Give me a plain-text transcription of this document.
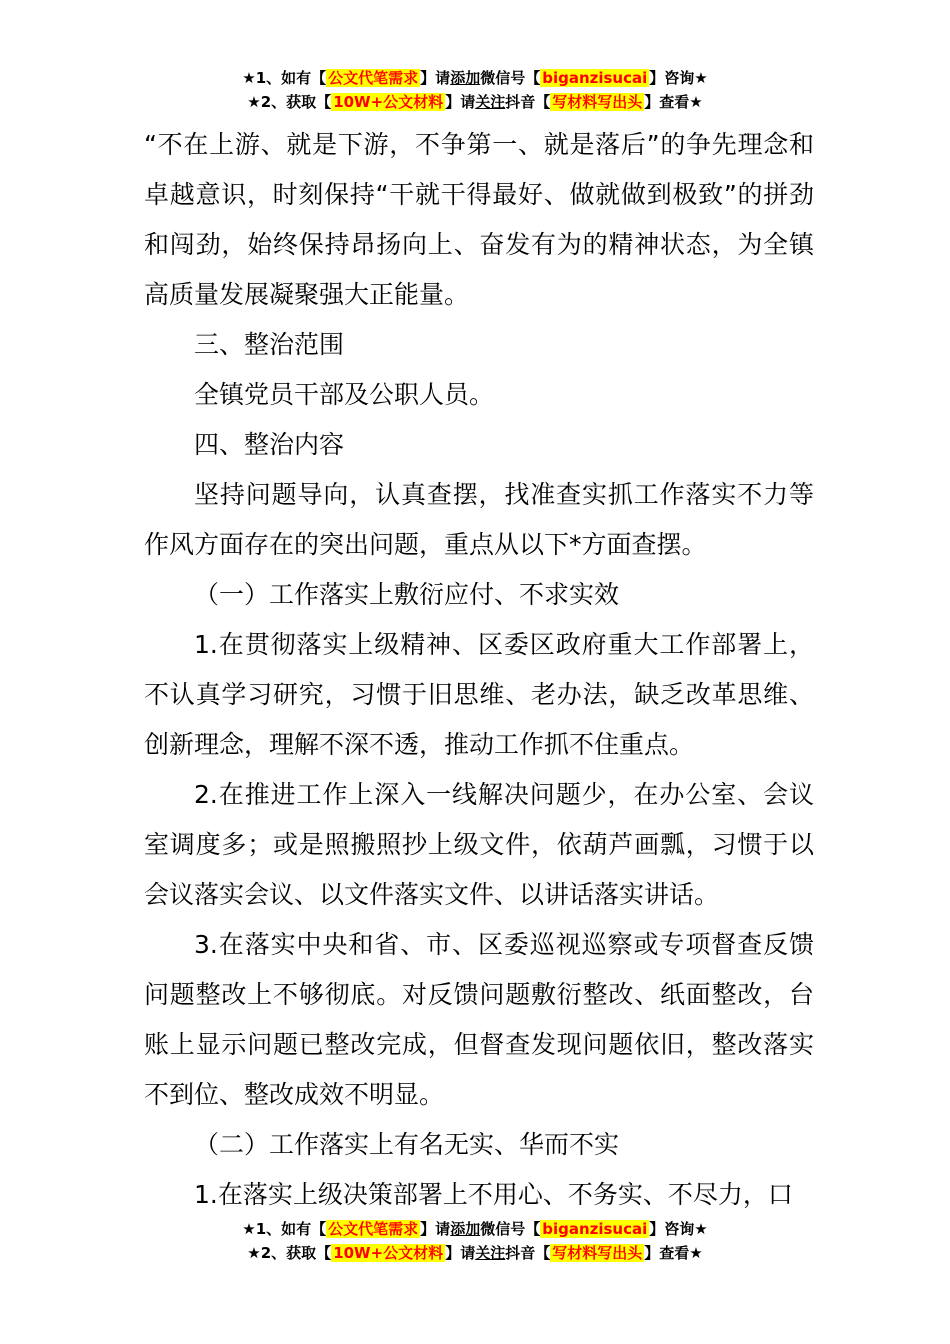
★1、如有【 公文代笔需求 】请添加微信号【 biganzisucai 】咨询★
★2、获取【 10W+公文材料 】请关注抖音【 写材料写出头 】查看★

“不在上游、就是下游，不争第一、就是落后”的争先理念和卓越意识，时刻保持“干就干得最好、做就做到极致”的拼劲和闯劲，始终保持昂扬向上、奋发有为的精神状态，为全镇高质量发展凝聚强大正能量。

三、整治范围

全镇党员干部及公职人员。

四、整治内容

坚持问题导向，认真查摆，找准查实抓工作落实不力等作风方面存在的突出问题，重点从以下*方面查摆。

（一）工作落实上敷衍应付、不求实效

1.在贯彻落实上级精神、区委区政府重大工作部署上，不认真学习研究，习惯于旧思维、老办法，缺乏改革思维、创新理念，理解不深不透，推动工作抓不住重点。

2.在推进工作上深入一线解决问题少，在办公室、会议室调度多；或是照搬照抄上级文件，依葫芦画瓢，习惯于以会议落实会议、以文件落实文件、以讲话落实讲话。

3.在落实中央和省、市、区委巡视巡察或专项督查反馈问题整改上不够彻底。对反馈问题敷衍整改、纸面整改，台账上显示问题已整改完成，但督查发现问题依旧，整改落实不到位、整改成效不明显。

（二）工作落实上有名无实、华而不实

1.在落实上级决策部署上不用心、不务实、不尽力，口

★1、如有【 公文代笔需求 】请添加微信号【 biganzisucai 】咨询★
★2、获取【 10W+公文材料 】请关注抖音【 写材料写出头 】查看★
